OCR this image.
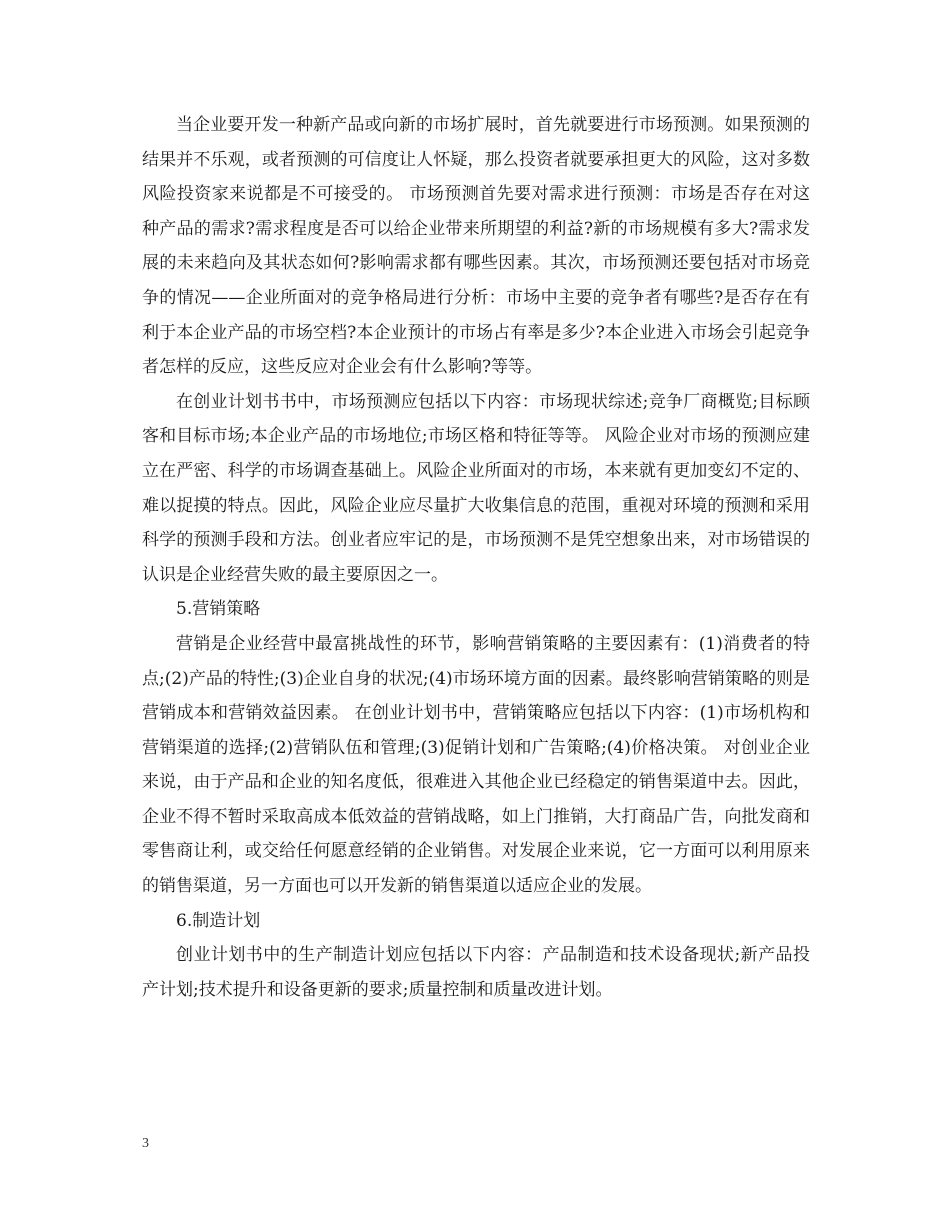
当企业要开发一种新产品或向新的市场扩展时，首先就要进行市场预测。如果预测的结果并不乐观，或者预测的可信度让人怀疑，那么投资者就要承担更大的风险，这对多数风险投资家来说都是不可接受的。 市场预测首先要对需求进行预测：市场是否存在对这种产品的需求?需求程度是否可以给企业带来所期望的利益?新的市场规模有多大?需求发展的未来趋向及其状态如何?影响需求都有哪些因素。其次，市场预测还要包括对市场竞争的情况——企业所面对的竞争格局进行分析：市场中主要的竞争者有哪些?是否存在有利于本企业产品的市场空档?本企业预计的市场占有率是多少?本企业进入市场会引起竞争者怎样的反应，这些反应对企业会有什么影响?等等。

在创业计划书书中，市场预测应包括以下内容：市场现状综述;竞争厂商概览;目标顾客和目标市场;本企业产品的市场地位;市场区格和特征等等。 风险企业对市场的预测应建立在严密、科学的市场调查基础上。风险企业所面对的市场，本来就有更加变幻不定的、难以捉摸的特点。因此，风险企业应尽量扩大收集信息的范围，重视对环境的预测和采用科学的预测手段和方法。创业者应牢记的是，市场预测不是凭空想象出来，对市场错误的认识是企业经营失败的最主要原因之一。

5.营销策略

营销是企业经营中最富挑战性的环节，影响营销策略的主要因素有：(1)消费者的特点;(2)产品的特性;(3)企业自身的状况;(4)市场环境方面的因素。最终影响营销策略的则是营销成本和营销效益因素。 在创业计划书中，营销策略应包括以下内容：(1)市场机构和营销渠道的选择;(2)营销队伍和管理;(3)促销计划和广告策略;(4)价格决策。 对创业企业来说，由于产品和企业的知名度低，很难进入其他企业已经稳定的销售渠道中去。因此，企业不得不暂时采取高成本低效益的营销战略，如上门推销，大打商品广告，向批发商和零售商让利，或交给任何愿意经销的企业销售。对发展企业来说，它一方面可以利用原来的销售渠道，另一方面也可以开发新的销售渠道以适应企业的发展。

6.制造计划

创业计划书中的生产制造计划应包括以下内容：产品制造和技术设备现状;新产品投产计划;技术提升和设备更新的要求;质量控制和质量改进计划。

3
